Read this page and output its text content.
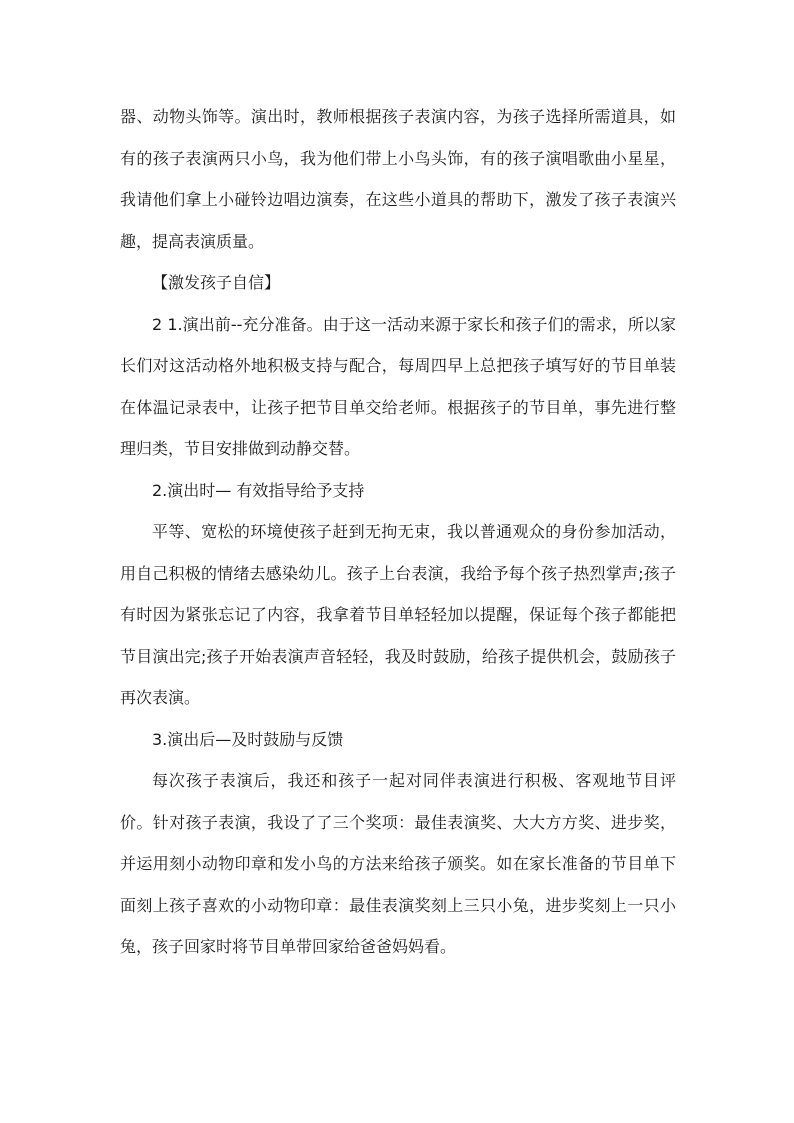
器、动物头饰等。演出时，教师根据孩子表演内容，为孩子选择所需道具，如有的孩子表演两只小鸟，我为他们带上小鸟头饰，有的孩子演唱歌曲小星星，我请他们拿上小碰铃边唱边演奏，在这些小道具的帮助下，激发了孩子表演兴趣，提高表演质量。

【激发孩子自信】

2 1.演出前--充分准备。由于这一活动来源于家长和孩子们的需求，所以家长们对这活动格外地积极支持与配合，每周四早上总把孩子填写好的节目单装在体温记录表中，让孩子把节目单交给老师。根据孩子的节目单，事先进行整理归类，节目安排做到动静交替。

2.演出时— 有效指导给予支持

平等、宽松的环境使孩子赶到无拘无束，我以普通观众的身份参加活动，用自己积极的情绪去感染幼儿。孩子上台表演，我给予每个孩子热烈掌声;孩子有时因为紧张忘记了内容，我拿着节目单轻轻加以提醒，保证每个孩子都能把节目演出完;孩子开始表演声音轻轻，我及时鼓励，给孩子提供机会，鼓励孩子再次表演。

3.演出后—及时鼓励与反馈

每次孩子表演后，我还和孩子一起对同伴表演进行积极、客观地节目评价。针对孩子表演，我设了了三个奖项：最佳表演奖、大大方方奖、进步奖，并运用刻小动物印章和发小鸟的方法来给孩子颁奖。如在家长准备的节目单下面刻上孩子喜欢的小动物印章：最佳表演奖刻上三只小兔，进步奖刻上一只小兔，孩子回家时将节目单带回家给爸爸妈妈看。
